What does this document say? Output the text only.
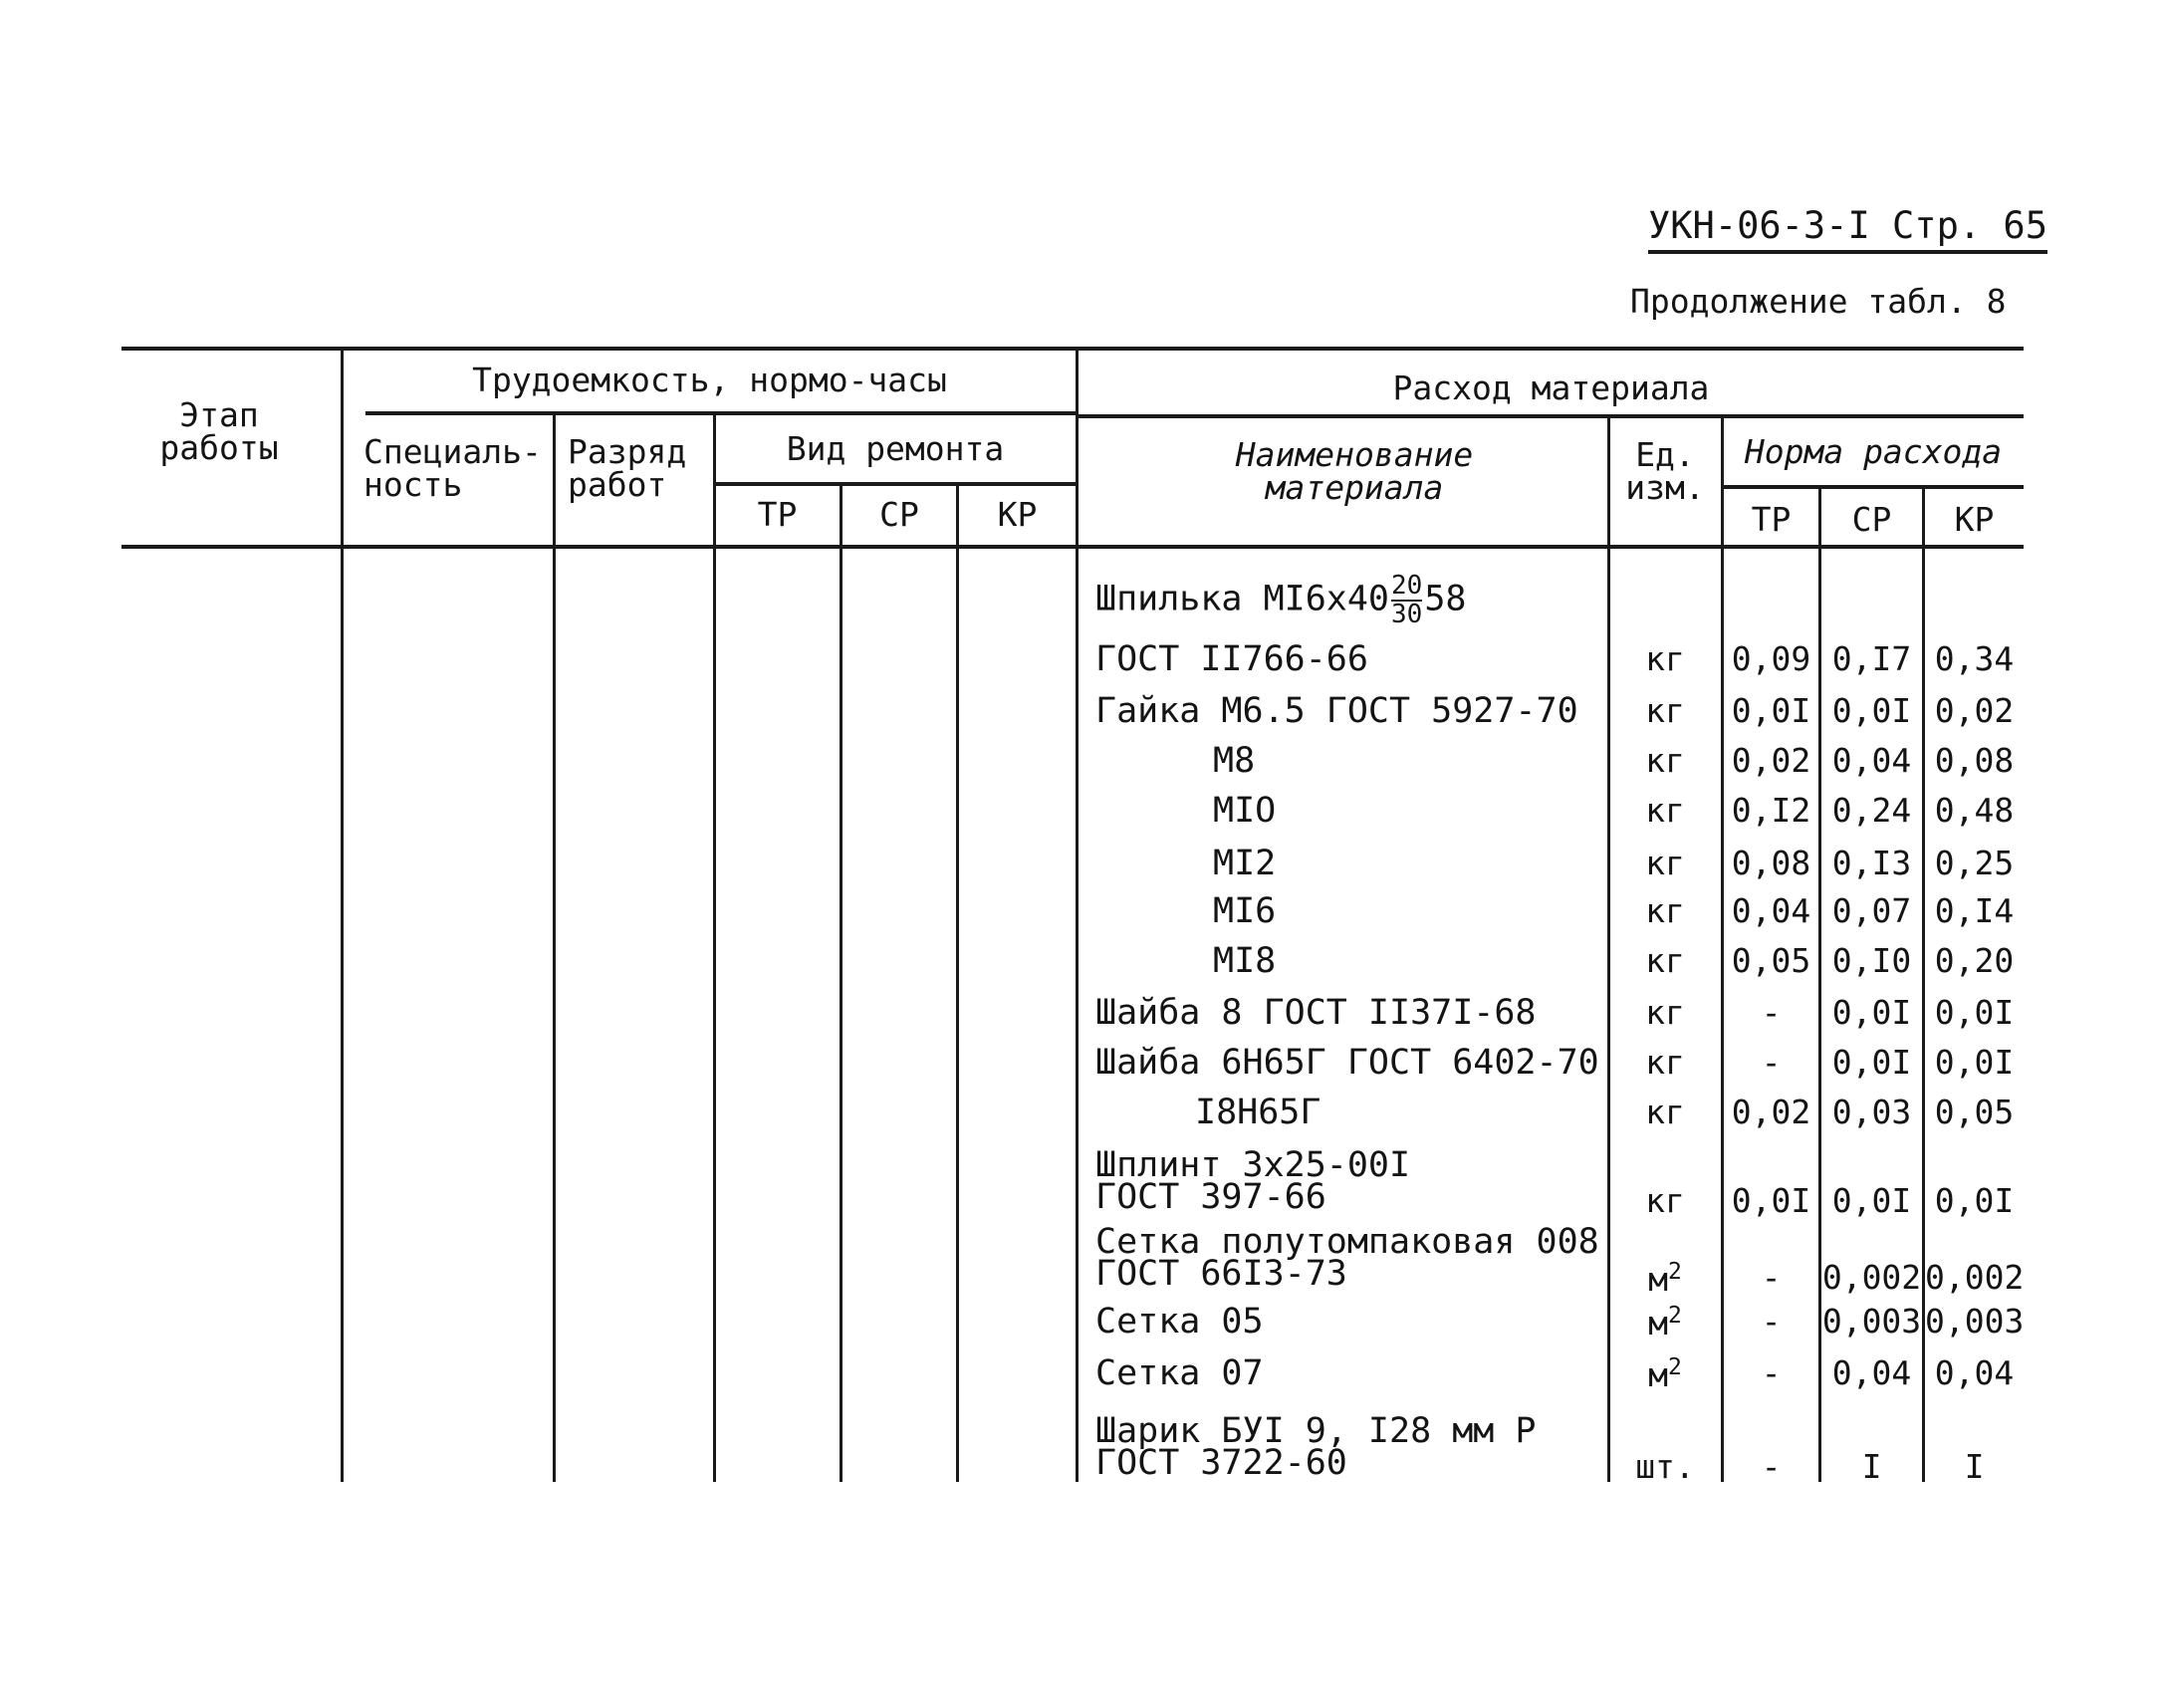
УКН-06-3-I Стр. 65
Продолжение табл. 8
Этап работы
Трудоемкость, нормо-часы
Специаль-ность
Разряд работ
Вид ремонта
ТР	СР	КР
Расход материала
Наименование материала
Ед. изм.
Норма расхода
ТР	СР	КР
Шпилька $МI6х40 \frac{20}{30} 58$
ГОСТ II766-66	кг	0,09 0,I7 0,34
Гайка М6.5 ГОСТ 5927-70	кг	0,0I 0,0I 0,02
М8	кг	0,02 0,04 0,08
МIО	кг	0,I2 0,24 0,48
МI2	кг	0,08 0,I3 0,25
МI6	кг	0,04 0,07 0,I4
МI8	кг	0,05 0,I0 0,20
Шайба 8 ГОСТ II37I-68	кг	-	0,0I 0,0I
Шайба 6Н65Г ГОСТ 6402-70	кг	-	0,0I 0,0I
I8Н65Г	кг	0,02 0,03 0,05
Шплинт 3х25-00I
ГОСТ 397-66	кг	0,0I 0,0I 0,0I
Сетка полутомпаковая 008
ГОСТ 66I3-73	$м^2$	-	0,002 0,002
Сетка 05	$м^2$	-	0,003 0,003
Сетка 07	$м^2$	-	0,04 0,04
Шарик БУI 9, I28 мм Р
ГОСТ 3722-60	шт.	-	I	I
